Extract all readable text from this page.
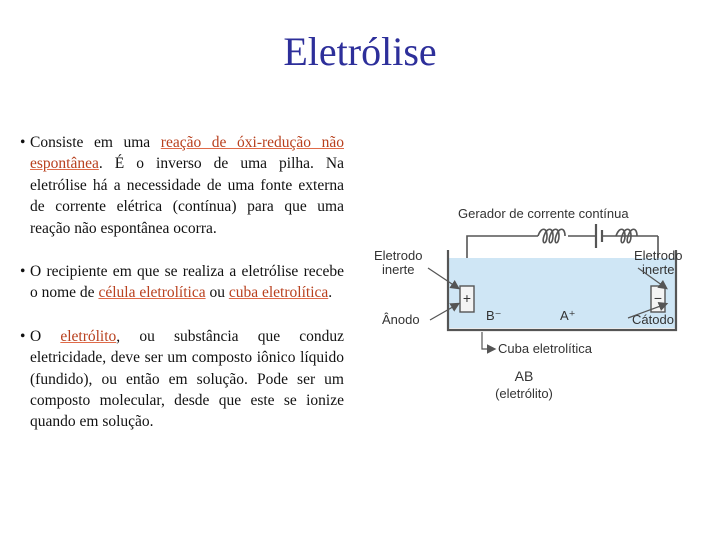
Eletrólise
• Consiste em uma reação de óxi-redução não espontânea. É o inverso de uma pilha. Na eletrólise há a necessidade de uma fonte externa de corrente elétrica (contínua) para que uma reação não espontânea ocorra.
• O recipiente em que se realiza a eletrólise recebe o nome de célula eletrolítica ou cuba eletrolítica.
• O eletrólito, ou substância que conduz eletricidade, deve ser um composto iônico líquido (fundido), ou então em solução. Pode ser um composto molecular, desde que este se ionize quando em solução.
Gerador de corrente contínua
+	−
B⁻	A⁺
Eletrodo
inerte
Eletrodo
inerte
Ânodo	Cátodo
Cuba eletrolítica
AB
(eletrólito)
